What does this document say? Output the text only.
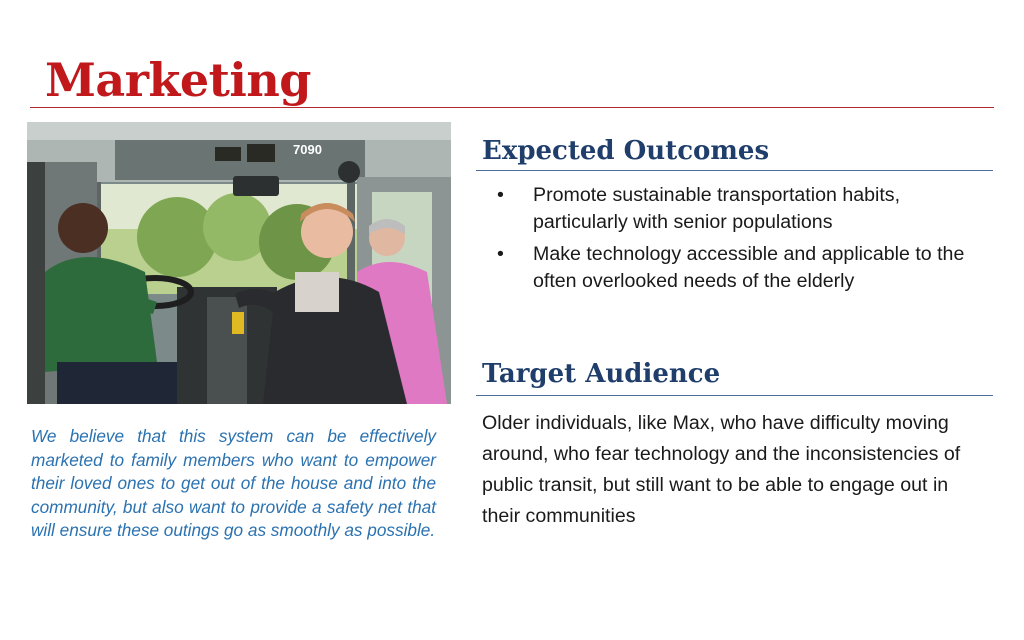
Marketing
7090

We believe that this system can be effectively marketed to family members who want to empower their loved ones to get out of the house and into the community, but also want to provide a safety net that will ensure these outings go as smoothly as possible.

Expected Outcomes
• Promote sustainable transportation habits, particularly with senior populations
• Make technology accessible and applicable to the often overlooked needs of the elderly
Target Audience

Older individuals, like Max, who have difficulty moving around, who fear technology and the inconsistencies of public transit, but still want to be able to engage out in their communities
